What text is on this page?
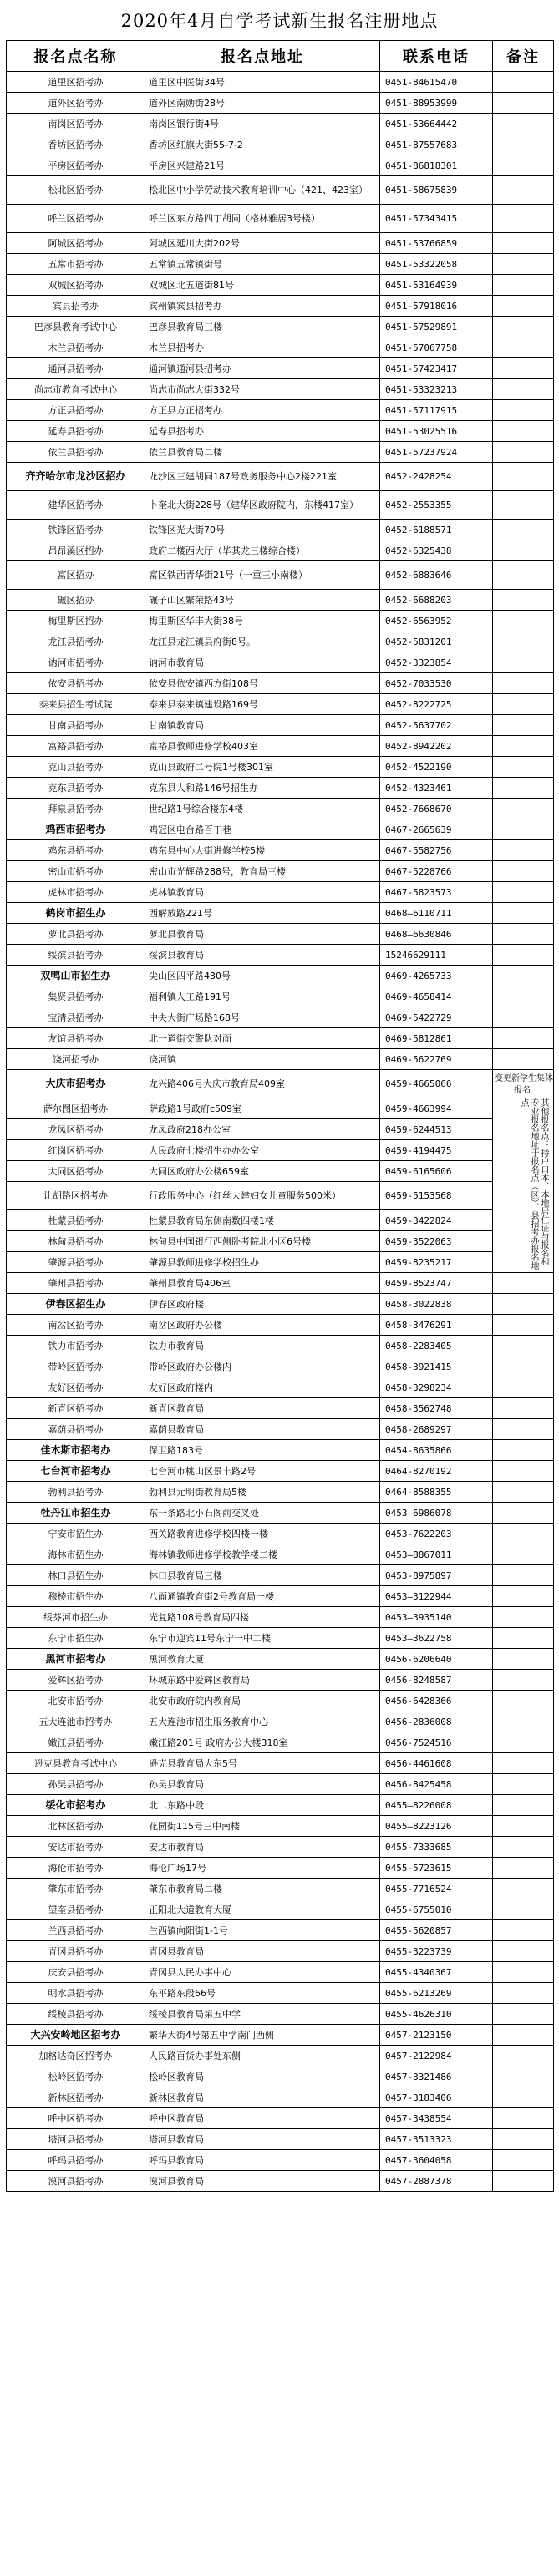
2020年4月自学考试新生报名注册地点
报名点名称	报名点地址	联系电话	备注
道里区招考办	道里区中医街34号	0451-84615470	
道外区招考办	道外区南勋街28号	0451-88953999	
南岗区招考办	南岗区银行街4号	0451-53664442	
香坊区招考办	香坊区红旗大街55-7-2	0451-87557683	
平房区招考办	平房区兴建路21号	0451-86818301	
松北区招考办	松北区中小学劳动技术教育培训中心（421、423室）	0451-58675839	
呼兰区招考办	呼兰区东方路四丁胡同（格林雅居3号楼）	0451-57343415	
阿城区招考办	阿城区延川大街202号	0451-53766859	
五常市招考办	五常镇五常镇街号	0451-53322058	
双城区招考办	双城区北五道街81号	0451-53164939	
宾县招考办	宾州镇宾县招考办	0451-57918016	
巴彦县教育考试中心	巴彦县教育局三楼	0451-57529891	
木兰县招考办	木兰县招考办	0451-57067758	
通河县招考办	通河镇通河县招考办	0451-57423417	
尚志市教育考试中心	尚志市尚志大街332号	0451-53323213	
方正县招考办	方正县方正招考办	0451-57117915	
延寿县招考办	延寿县招考办	0451-53025516	
依兰县招考办	依兰县教育局二楼	0451-57237924	
齐齐哈尔市龙沙区招办	龙沙区三建胡同187号政务服务中心2楼221室	0452-2428254	
建华区招考办	卜奎北大街228号（建华区政府院内，东楼417室）	0452-2553355	
铁锋区招考办	铁锋区光大街70号	0452-6188571	
昂昂溪区招办	政府二楼西大厅（毕其龙三楼综合楼）	0452-6325438	
富区招办	富区铁西青华街21号（一重三小南楼）	0452-6883646	
碾区招办	碾子山区繁荣路43号	0452-6688203	
梅里斯区招办	梅里斯区华丰大街38号	0452-6563952	
龙江县招考办	龙江县龙江镇县府街8号。	0452-5831201	
讷河市招考办	讷河市教育局	0452-3323854	
依安县招考办	依安县依安镇西方街108号	0452-7033530	
泰来县招生考试院	泰来县泰来镇建设路169号	0452-8222725	
甘南县招考办	甘南镇教育局	0452-5637702	
富裕县招考办	富裕县教师进修学校403室	0452-8942202	
克山县招考办	克山县政府二号院1号楼301室	0452-4522190	
克东县招考办	克东县人和路146号招生办	0452-4323461	
拜泉县招考办	世纪路1号综合楼东4楼	0452-7668670	
鸡西市招考办	鸡冠区电台路百丁巷	0467-2665639	
鸡东县招考办	鸡东县中心大街进修学校5楼	0467-5582756	
密山市招考办	密山市光辉路288号，教育局三楼	0467-5228766	
虎林市招考办	虎林镇教育局	0467-5823573	
鹤岗市招生办	西解放路221号	0468—6110711	
萝北县招考办	萝北县教育局	0468—6630846	
绥滨县招考办	绥滨县教育局	15246629111	
双鸭山市招生办	尖山区四平路430号	0469-4265733	
集贤县招考办	福利镇人工路191号	0469-4658414	
宝清县招考办	中央大街广场路168号	0469-5422729	
友谊县招考办	北一道街交警队对面	0469-5812861	
饶河招考办	饶河镇	0469-5622769	
大庆市招考办	龙兴路406号大庆市教育局409室	0459-4665066	变更新学生集体报名
萨尔图区招考办	萨政路1号政府c509室	0459-4663994	其他报名点：持户口本、本地居住证与报名和专业报名地址于报名点（区）、县招考办报名地点

龙凤区招考办	龙凤政府218办公室	0459-6244513	
红岗区招考办	人民政府七楼招生办办公室	0459-4194475	
大同区招考办	大同区政府办公楼659室	0459-6165606	
让胡路区招考办	行政服务中心（红丝大建妇女儿童服务500米）	0459-5153568	
杜蒙县招考办	杜蒙县教育局东侧南数四楼1楼	0459-3422824	
林甸县招考办	林甸县中国银行西侧卧考院北小区6号楼	0459-3522063	
肇源县招考办	肇源县教师进修学校招生办	0459-8235217	
肇州县招考办	肇州县教育局406室	0459-8523747	
伊春区招生办	伊春区政府楼	0458-3022838	
南岔区招考办	南岔区政府办公楼	0458-3476291	
铁力市招考办	铁力市教育局	0458-2283405	
带岭区招考办	带岭区政府办公楼内	0458-3921415	
友好区招考办	友好区政府楼内	0458-3298234	
新青区招考办	新青区教育局	0458-3562748	
嘉荫县招考办	嘉荫县教育局	0458-2689297	
佳木斯市招考办	保卫路183号	0454-8635866	
七台河市招考办	七台河市桃山区景丰路2号	0464-8270192	
勃利县招考办	勃利县元明街教育局5楼	0464-8588355	
牡丹江市招生办	东一条路北小石阁前交叉处	0453—6986078	
宁安市招生办	西关路教育进修学校四楼一楼	0453-7622203	
海林市招生办	海林镇教师进修学校教学楼二楼	0453—8867011	
林口县招生办	林口县教育局三楼	0453-8975897	
穆棱市招生办	八面通镇教育街2号教育局一楼	0453—3122944	
绥芬河市招生办	光复路108号教育局四楼	0453—3935140	
东宁市招生办	东宁市迎宾11号东宁一中二楼	0453—3622758	
黑河市招考办	黑河教育大厦	0456-6206640	
爱辉区招考办	环城东路中爱辉区教育局	0456-8248587	
北安市招考办	北安市政府院内教育局	0456-6428366	
五大连池市招考办	五大连池市招生服务教育中心	0456-2836008	
嫩江县招考办	嫩江路201号 政府办公大楼318室	0456-7524516	
逊克县教育考试中心	逊克县教育局大东5号	0456-4461608	
孙吴县招考办	孙吴县教育局	0456-8425458	
绥化市招考办	北二东路中段	0455—8226008	
北林区招考办	花园街115号三中南楼	0455—8223126	
安达市招考办	安达市教育局	0455-7333685	
海伦市招考办	海伦广场17号	0455-5723615	
肇东市招考办	肇东市教育局二楼	0455-7716524	
望奎县招考办	正阳北大道教育大厦	0455-6755010	
兰西县招考办	兰西镇向阳街1-1号	0455-5620857	
青冈县招考办	青冈县教育局	0455-3223739	
庆安县招考办	青冈县人民办事中心	0455-4340367	
明水县招考办	东平路东段66号	0455-6213269	
绥棱县招考办	绥棱县教育局第五中学	0455-4626310	
大兴安岭地区招考办	繁华大街4号第五中学南门西侧	0457-2123150	
加格达奇区招考办	人民路百货办事处东侧	0457-2122984	
松岭区招考办	松岭区教育局	0457-3321486	
新林区招考办	新林区教育局	0457-3183406	
呼中区招考办	呼中区教育局	0457-3438554	
塔河县招考办	塔河县教育局	0457-3513323	
呼玛县招考办	呼玛县教育局	0457-3604058	
漠河县招考办	漠河县教育局	0457-2887378	
